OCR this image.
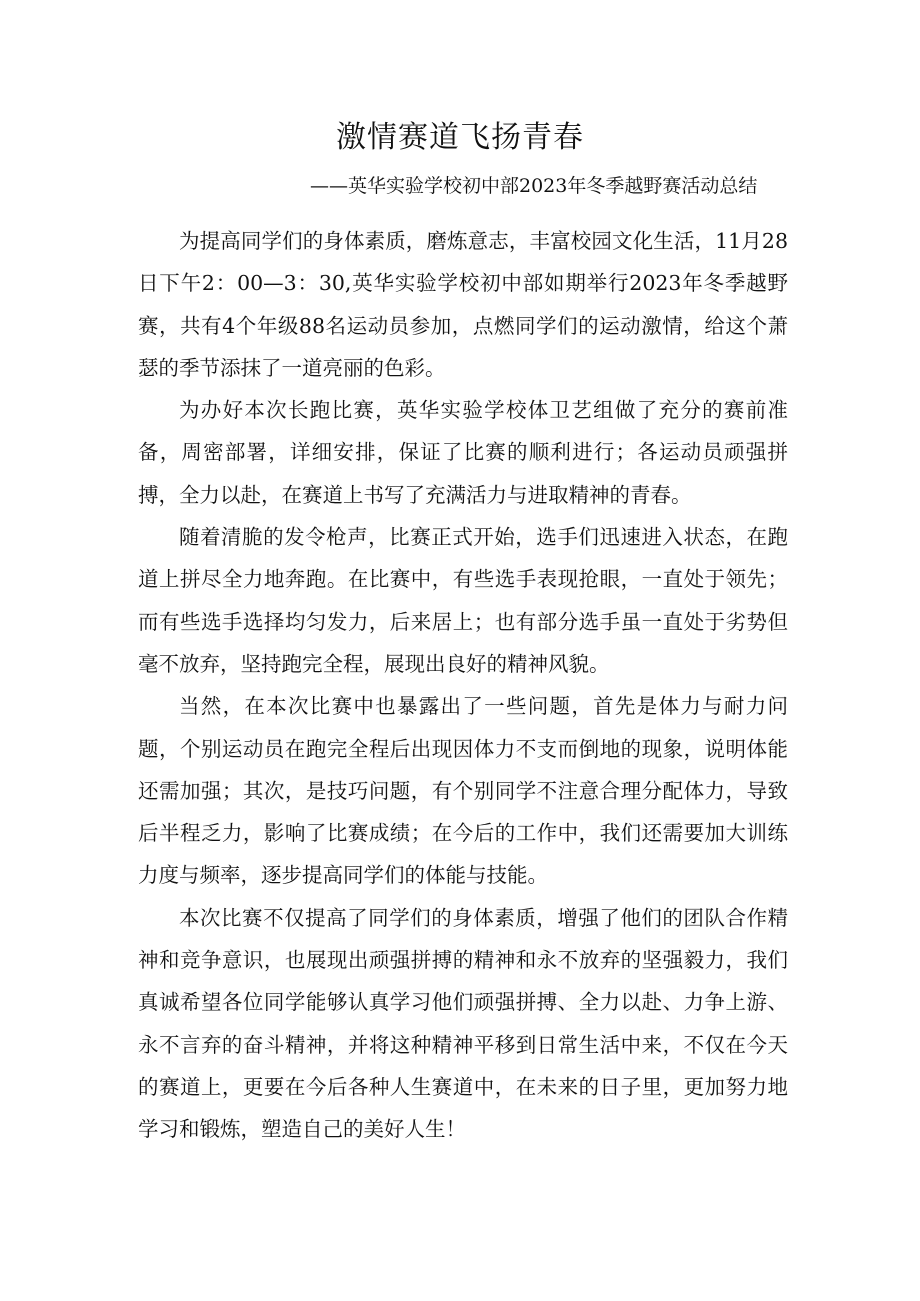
激情赛道飞扬青春
——英华实验学校初中部2023年冬季越野赛活动总结

为提高同学们的身体素质，磨炼意志，丰富校园文化生活，11月28日下午2：00—3：30,英华实验学校初中部如期举行2023年冬季越野赛，共有4个年级88名运动员参加，点燃同学们的运动激情，给这个萧瑟的季节添抹了一道亮丽的色彩。

为办好本次长跑比赛，英华实验学校体卫艺组做了充分的赛前准备，周密部署，详细安排，保证了比赛的顺利进行；各运动员顽强拼搏，全力以赴，在赛道上书写了充满活力与进取精神的青春。

随着清脆的发令枪声，比赛正式开始，选手们迅速进入状态，在跑道上拼尽全力地奔跑。在比赛中，有些选手表现抢眼，一直处于领先；而有些选手选择均匀发力，后来居上；也有部分选手虽一直处于劣势但毫不放弃，坚持跑完全程，展现出良好的精神风貌。

当然，在本次比赛中也暴露出了一些问题，首先是体力与耐力问题，个别运动员在跑完全程后出现因体力不支而倒地的现象，说明体能还需加强；其次，是技巧问题，有个别同学不注意合理分配体力，导致后半程乏力，影响了比赛成绩；在今后的工作中，我们还需要加大训练力度与频率，逐步提高同学们的体能与技能。

本次比赛不仅提高了同学们的身体素质，增强了他们的团队合作精神和竞争意识，也展现出顽强拼搏的精神和永不放弃的坚强毅力，我们真诚希望各位同学能够认真学习他们顽强拼搏、全力以赴、力争上游、永不言弃的奋斗精神，并将这种精神平移到日常生活中来，不仅在今天的赛道上，更要在今后各种人生赛道中，在未来的日子里，更加努力地学习和锻炼，塑造自己的美好人生！
